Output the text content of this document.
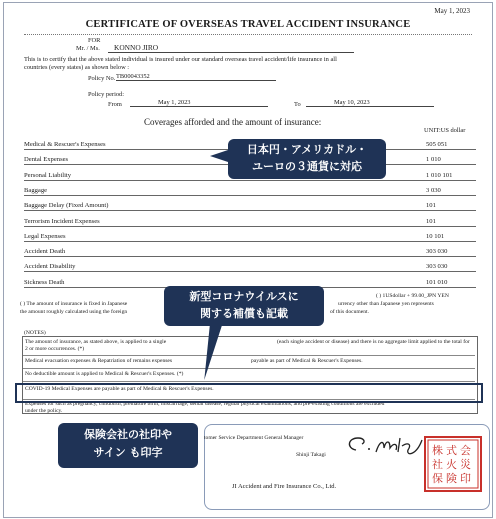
May 1, 2023
CERTIFICATE OF OVERSEAS TRAVEL ACCIDENT INSURANCE
FOR
Mr. / Ms.	KONNO JIRO
This is to certify that the above stated individual is insured under our standard overseas travel accident/life insurance in all
countries (every states) as shown below :
Policy No. TB00043352
Policy period:
From	May 1, 2023	To	May 10, 2023
Coverages afforded and the amount of insurance:
UNIT:US dollar
Medical & Rescuer's Expenses	505 051
Dental Expenses	1 010
Personal Liability	1 010 101
Baggage	3 030
Baggage Delay (Fixed Amount)	101
Terrorism Incident Expenses	101
Legal Expenses	10 101
Accident Death	303 030
Accident Disability	303 030
Sickness Death	101 010
( ) 1USdollar + 99.00_JPN YEN
( ) The amount of insurance is fixed in Japanese	urrency other than Japanese yen represents
the amount roughly calculated using the foreign	of this document.
(NOTES)
The amount of insurance, as stated above, is applied to a single	(each single accident or disease) and there is no aggregate limit applied to the total for
2 or more occurrences. (*)
Medical evacuation expenses & Repatriation of remains expenses	payable as part of Medical & Rescuer's Expenses.
No deductible amount is applied to Medical & Rescuer's Expenses. (*)
COVID-19 Medical Expenses are payable as part of Medical & Rescuer's Expenses.
Expenses for such as pregnancy, childbirth, premature birth, miscarriage, dental disease, regular physical examinations, and pre-existing conditions are excluded
under the policy.
tomer Service Department General Manager
Shinji Takagi
JI Accident and Fire Insurance Co., Ltd.
株 式 会
社 火 災
保 険 印
日本円・アメリカドル・
ユーロの３通貨に対応
新型コロナウイルスに
関する補償も記載
保険会社の社印や
サイン も印字
